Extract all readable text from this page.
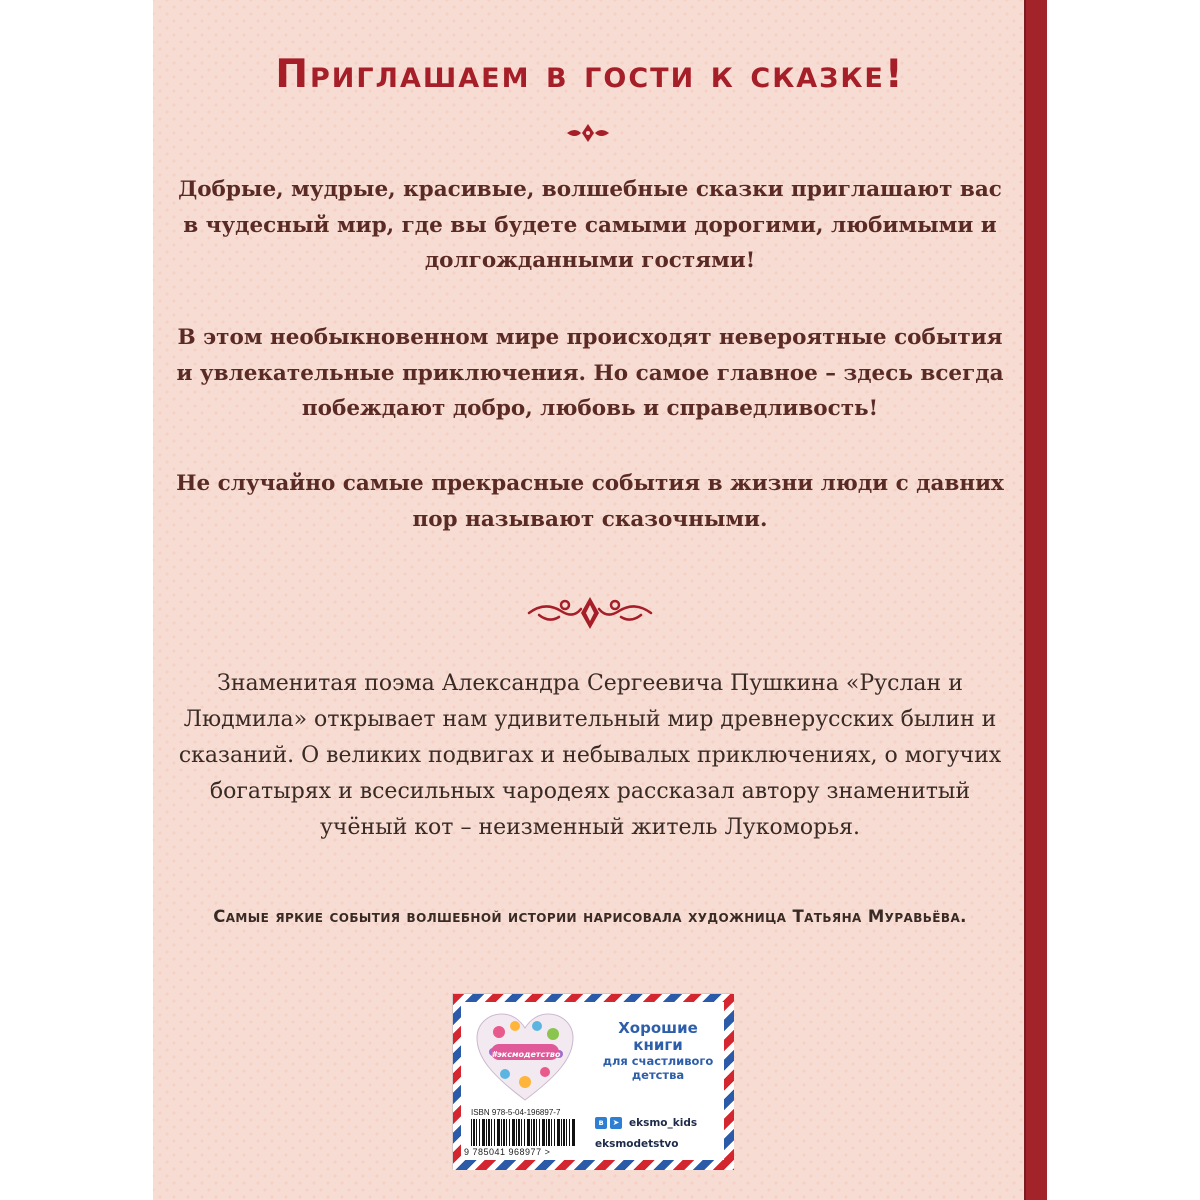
Приглашаем в гости к сказке!

Добрые, мудрые, красивые, волшебные сказки приглашают вас в чудесный мир, где вы будете самыми дорогими, любимыми и долгожданными гостями!

В этом необыкновенном мире происходят невероятные события и увлекательные приключения. Но самое главное – здесь всегда побеждают добро, любовь и справедливость!

Не случайно самые прекрасные события в жизни люди с давних пор называют сказочными.

Знаменитая поэма Александра Сергеевича Пушкина «Руслан и Людмила» открывает нам удивительный мир древнерусских былин и сказаний. О великих подвигах и небывалых приключениях, о могучих богатырях и всесильных чародеях рассказал автору знаменитый учёный кот – неизменный житель Лукоморья.

Самые яркие события волшебной истории нарисовала художница Татьяна Муравьёва.

#эксмодетство
Хорошие
книги
для счастливого
детства
ISBN 978-5-04-196897-7
9 785041 968977 >
в	➤ eksmo_kids
eksmodetstvo
